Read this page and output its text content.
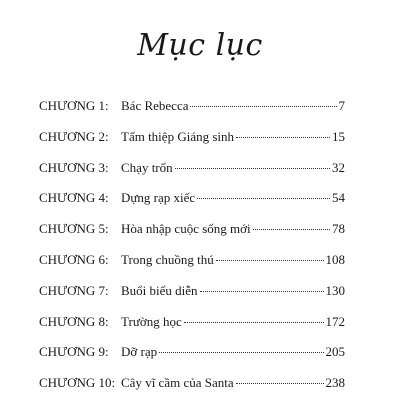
Mục lục
CHƯƠNG 1: Bác Rebecca	7
CHƯƠNG 2: Tấm thiệp Giáng sinh	15
CHƯƠNG 3: Chạy trốn	32
CHƯƠNG 4: Dựng rạp xiếc	54
CHƯƠNG 5: Hòa nhập cuộc sống mới	78
CHƯƠNG 6: Trong chuồng thú	108
CHƯƠNG 7: Buổi biểu diễn	130
CHƯƠNG 8: Trường học	172
CHƯƠNG 9: Dỡ rạp	205
CHƯƠNG 10: Cây vĩ cầm của Santa	238
